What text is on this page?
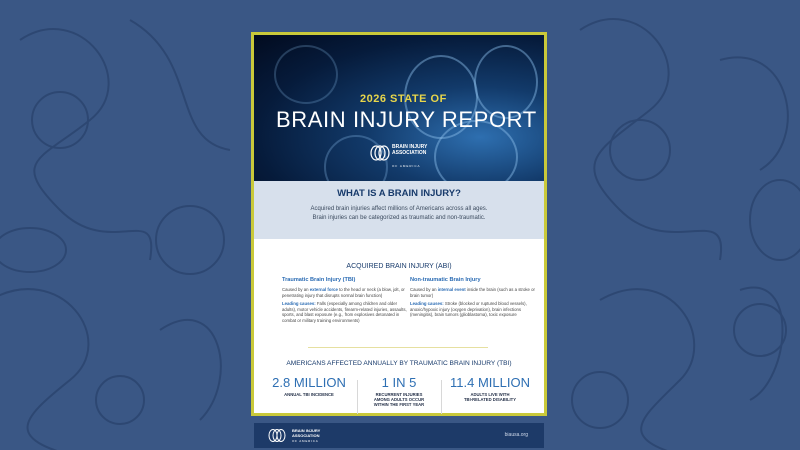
2026 STATE OF
BRAIN INJURY REPORT
BRAIN INJURY
ASSOCIATION
OF AMERICA
WHAT IS A BRAIN INJURY?

Acquired brain injuries affect millions of Americans across all ages.

Brain injuries can be categorized as traumatic and non-traumatic.

ACQUIRED BRAIN INJURY (ABI)
Traumatic Brain Injury (TBI)

Caused by an external force to the head or neck (a blow, jolt, or penetrating injury that disrupts normal brain function)

Leading causes: Falls (especially among children and older adults), motor vehicle accidents, firearm-related injuries, assaults, sports, and blast exposure (e.g., from explosives detonated in combat or military training environments)

Non-traumatic Brain Injury

Caused by an internal event inside the brain (such as a stroke or brain tumor)

Leading causes: Stroke (blocked or ruptured blood vessels), anoxic/hypoxic injury (oxygen deprivation), brain infections (meningitis), brain tumors (glioblastoma), toxic exposure

AMERICANS AFFECTED ANNUALLY BY TRAUMATIC BRAIN INJURY (TBI)
2.8 MILLION
ANNUAL TBI INCIDENCE
1 IN 5
RECURRENT INJURIES
AMONG ADULTS OCCUR
WITHIN THE FIRST YEAR
11.4 MILLION
ADULTS LIVE WITH
TBI-RELATED DISABILITY
BRAIN INJURY
ASSOCIATION
OF AMERICA
biausa.org
